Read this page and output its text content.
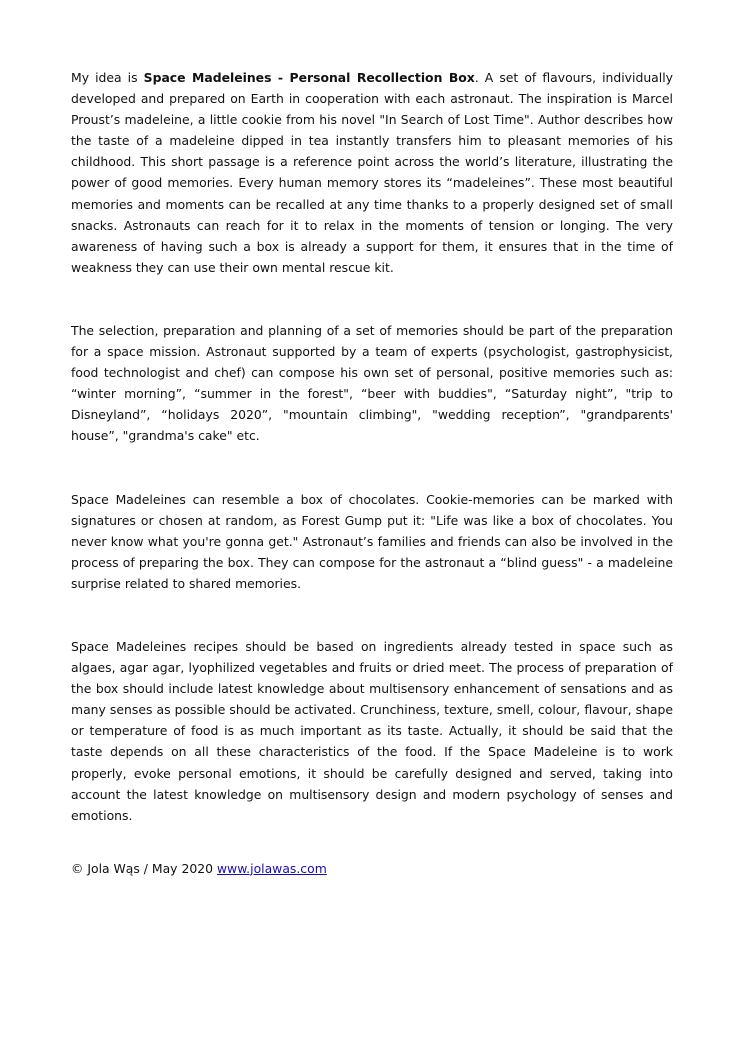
My idea is Space Madeleines - Personal Recollection Box. A set of flavours, individually developed and prepared on Earth in cooperation with each astronaut. The inspiration is Marcel Proust’s madeleine, a little cookie from his novel "In Search of Lost Time". Author describes how the taste of a madeleine dipped in tea instantly transfers him to pleasant memories of his childhood. This short passage is a reference point across the world’s literature, illustrating the power of good memories. Every human memory stores its “madeleines”. These most beautiful memories and moments can be recalled at any time thanks to a properly designed set of small snacks. Astronauts can reach for it to relax in the moments of tension or longing. The very awareness of having such a box is already a support for them, it ensures that in the time of weakness they can use their own mental rescue kit.

The selection, preparation and planning of a set of memories should be part of the preparation for a space mission. Astronaut supported by a team of experts (psychologist, gastrophysicist, food technologist and chef) can compose his own set of personal, positive memories such as: “winter morning”, “summer in the forest", “beer with buddies", “Saturday night”, "trip to Disneyland”, “holidays 2020”, "mountain climbing", "wedding reception”, "grandparents' house”, "grandma's cake" etc.

Space Madeleines can resemble a box of chocolates. Cookie-memories can be marked with signatures or chosen at random, as Forest Gump put it: "Life was like a box of chocolates. You never know what you're gonna get." Astronaut’s families and friends can also be involved in the process of preparing the box. They can compose for the astronaut a “blind guess" - a madeleine surprise related to shared memories.

Space Madeleines recipes should be based on ingredients already tested in space such as algaes, agar agar, lyophilized vegetables and fruits or dried meet. The process of preparation of the box should include latest knowledge about multisensory enhancement of sensations and as many senses as possible should be activated. Crunchiness, texture, smell, colour, flavour, shape or temperature of food is as much important as its taste. Actually, it should be said that the taste depends on all these characteristics of the food. If the Space Madeleine is to work properly, evoke personal emotions, it should be carefully designed and served, taking into account the latest knowledge on multisensory design and modern psychology of senses and emotions.

© Jola Wąs / May 2020 www.jolawas.com
